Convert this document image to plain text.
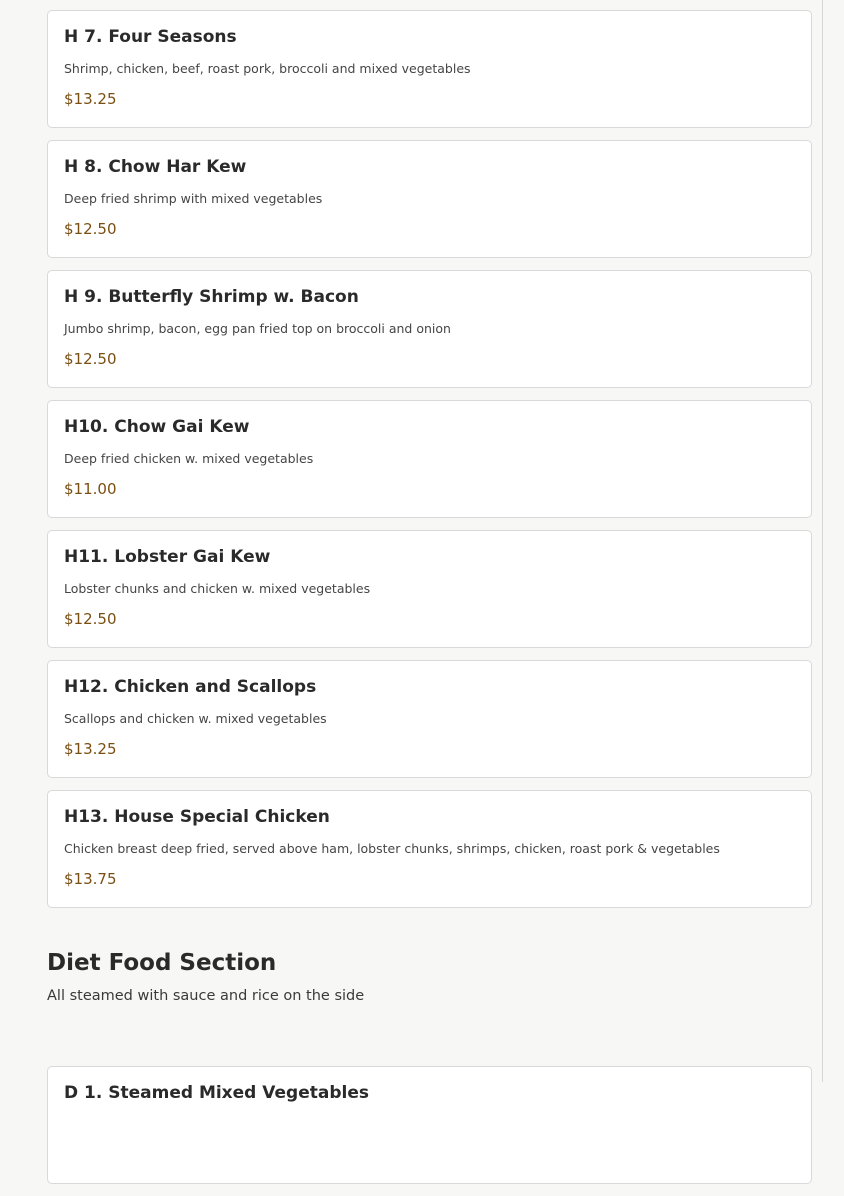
H 7. Four Seasons
Shrimp, chicken, beef, roast pork, broccoli and mixed vegetables
$13.25
H 8. Chow Har Kew
Deep fried shrimp with mixed vegetables
$12.50
H 9. Butterfly Shrimp w. Bacon
Jumbo shrimp, bacon, egg pan fried top on broccoli and onion
$12.50
H10. Chow Gai Kew
Deep fried chicken w. mixed vegetables
$11.00
H11. Lobster Gai Kew
Lobster chunks and chicken w. mixed vegetables
$12.50
H12. Chicken and Scallops
Scallops and chicken w. mixed vegetables
$13.25
H13. House Special Chicken
Chicken breast deep fried, served above ham, lobster chunks, shrimps, chicken, roast pork & vegetables
$13.75
Diet Food Section
All steamed with sauce and rice on the side
D 1. Steamed Mixed Vegetables
